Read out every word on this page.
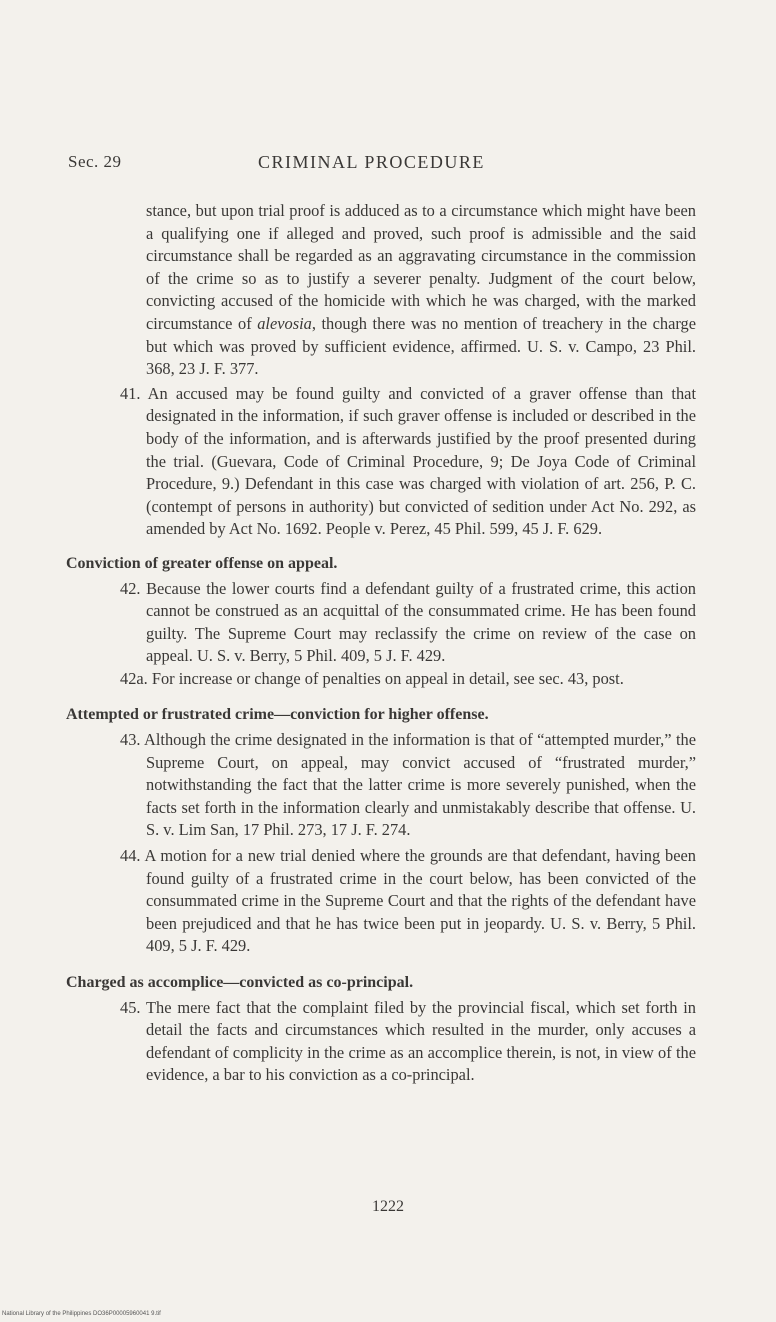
Sec. 29	CRIMINAL PROCEDURE

stance, but upon trial proof is adduced as to a circumstance which might have been a qualifying one if alleged and proved, such proof is admissible and the said circumstance shall be regarded as an aggravating circumstance in the commission of the crime so as to justify a severer penalty. Judgment of the court below, convicting accused of the homicide with which he was charged, with the marked circumstance of alevosia, though there was no mention of treachery in the charge but which was proved by sufficient evidence, affirmed. U. S. v. Campo, 23 Phil. 368, 23 J. F. 377.

41. An accused may be found guilty and convicted of a graver offense than that designated in the information, if such graver offense is included or described in the body of the information, and is afterwards justified by the proof presented during the trial. (Guevara, Code of Criminal Procedure, 9; De Joya Code of Criminal Procedure, 9.) Defendant in this case was charged with violation of art. 256, P. C. (contempt of persons in authority) but convicted of sedition under Act No. 292, as amended by Act No. 1692. People v. Perez, 45 Phil. 599, 45 J. F. 629.

Conviction of greater offense on appeal.

42. Because the lower courts find a defendant guilty of a frustrated crime, this action cannot be construed as an acquittal of the consummated crime. He has been found guilty. The Supreme Court may reclassify the crime on review of the case on appeal. U. S. v. Berry, 5 Phil. 409, 5 J. F. 429.

42a. For increase or change of penalties on appeal in detail, see sec. 43, post.

Attempted or frustrated crime—conviction for higher offense.

43. Although the crime designated in the information is that of “attempted murder,” the Supreme Court, on appeal, may convict accused of “frustrated murder,” notwithstanding the fact that the latter crime is more severely punished, when the facts set forth in the information clearly and unmistakably describe that offense. U. S. v. Lim San, 17 Phil. 273, 17 J. F. 274.

44. A motion for a new trial denied where the grounds are that defendant, having been found guilty of a frustrated crime in the court below, has been convicted of the consummated crime in the Supreme Court and that the rights of the defendant have been prejudiced and that he has twice been put in jeopardy. U. S. v. Berry, 5 Phil. 409, 5 J. F. 429.

Charged as accomplice—convicted as co-principal.

45. The mere fact that the complaint filed by the provincial fiscal, which set forth in detail the facts and circumstances which resulted in the murder, only accuses a defendant of complicity in the crime as an accomplice therein, is not, in view of the evidence, a bar to his conviction as a co-principal.

1222
National Library of the Philippines DO36P00005960041 9.tif
